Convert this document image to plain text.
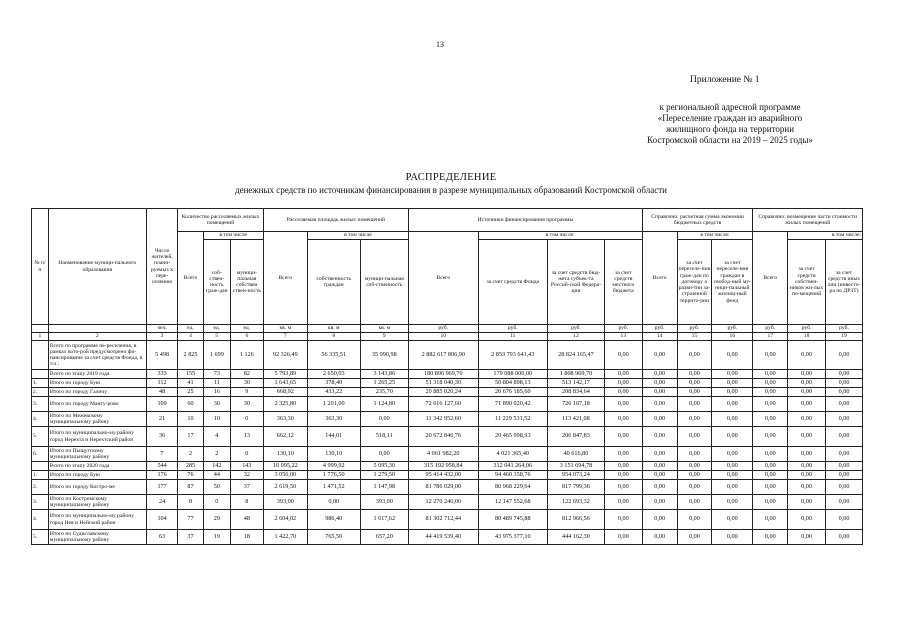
13
Приложение № 1
к региональной адресной программе
«Переселение граждан из аварийного
жилищного фонда на территории
Костромской области на 2019 – 2025 годы»
РАСПРЕДЕЛЕНИЕ
денежных средств по источникам финансирования в разрезе муниципальных образований Костромской области
№ п/п	Наименование муници-пального образования	Число жителей, плани-руемых к пере-селению	Количество расселяемых жилых помещений			Расселяемая площадь жилых помещений			Источники финансирования программы				Справочно: расчетная сумма экономии бюджетных средств			Справочно: возмещение части стоимости жилых помещений		
			Всего	в том числе		Всего	в том числе		Всего	в том числе:			Всего	в том числе:		Всего	в том числе:	
				соб-ствен-ность граж-дан	муници-пальная собствен ствен-ность		собственность граждан	муници-пальная соб-ственность		за счет средств Фонда	за счет средств бюд-жета субъек-та Россий-ской Федера-ции	за счет средств местного бюджета		за счет переселе-ния граж-дан по договору о разви-тии за-строенной террито-рии	за счет переселе-ния граждан в свобод-ный му-ници-пальный жилищ-ный фонд		за счет средств собствен-ников жи-лых по-мещений	за счет средств иных лиц (инвесто-ра по ДРЗТ)
		чел.	ед.	ед.	ед.	кв. м	кв. м	кв. м	руб.	руб.	руб.	руб.	руб.	руб.	руб.	руб.	руб.	руб.
1	2	3	4	5	6	7	8	9	10	11	12	13	14	15	16	17	18	19
	Всего по программе пе-реселения, в рамках кото-рой предусмотрено фи-нансирование за счет средств Фонда, в т.ч.:	5 498	2 825	1 699	1 126	92 326,49	56 335,51	35 990,98	2 882 617 806,90	2 853 793 641,43	28 824 165,47	0,00	0,00	0,00	0,00	0,00	0,00	0,00
	Всего по этапу 2019 года	333	155	73	82	5 793,89	2 650,03	3 143,86	180 896 969,70	179 088 000,00	1 808 969,70	0,00	0,00	0,00	0,00	0,00	0,00	0,00
1.	Итого по городу Бую	112	41	11	30	1 643,65	378,40	1 265,25	51 318 040,30	50 804 898,13	513 142,17	0,00	0,00	0,00	0,00	0,00	0,00	0,00
2.	Итого по городу Галичу	48	25	16	9	668,92	433,22	235,70	20 885 020,24	20 676 185,60	208 834,64	0,00	0,00	0,00	0,00	0,00	0,00	0,00
3.	Итого по городу Манту-рово	109	60	30	30	2 325,80	1 201,00	1 124,80	72 616 127,60	71 890 020,42	726 107,18	0,00	0,00	0,00	0,00	0,00	0,00	0,00
4.	Итого по Межевскому муниципальному району	21	10	10	0	363,30	363,30	0,00	11 342 952,60	11 229 531,52	113 421,08	0,00	0,00	0,00	0,00	0,00	0,00	0,00
5.	Итого по муниципально-му району город Нерехта и Нерехтский район	36	17	4	13	662,12	144,01	518,11	20 672 846,76	20 465 998,93	206 847,83	0,00	0,00	0,00	0,00	0,00	0,00	0,00
6.	Итого по Пыщугскому муниципальному району	7	2	2	0	130,10	130,10	0,00	4 061 982,20	4 021 365,40	40 616,80	0,00	0,00	0,00	0,00	0,00	0,00	0,00
	Всего по этапу 2020 года	544	285	142	143	10 095,22	4 999,92	5 095,30	315 192 958,84	312 041 264,06	3 151 694,78	0,00	0,00	0,00	0,00	0,00	0,00	0,00
1.	Итого по городу Бую	176	76	44	32	3 056,00	1 776,50	1 279,50	95 414 432,00	94 460 358,76	954 073,24	0,00	0,00	0,00	0,00	0,00	0,00	0,00
2.	Итого по городу Костро-ме	177	87	50	37	2 619,50	1 471,52	1 147,98	81 786 029,00	80 968 229,64	817 799,36	0,00	0,00	0,00	0,00	0,00	0,00	0,00
3.	Итого по Костромскому муниципальному району	24	8	0	8	393,00	0,00	393,00	12 270 246,00	12 147 552,68	122 693,32	0,00	0,00	0,00	0,00	0,00	0,00	0,00
4.	Итого по муниципально-му району город Нея и Нейский район	104	77	29	48	2 604,02	986,40	1 617,62	81 302 712,44	80 489 745,88	812 966,56	0,00	0,00	0,00	0,00	0,00	0,00	0,00
5.	Итого по Судиславскому муниципальному району	63	37	19	18	1 422,70	765,50	657,20	44 419 539,40	43 975 377,10	444 162,30	0,00	0,00	0,00	0,00	0,00	0,00	0,00
